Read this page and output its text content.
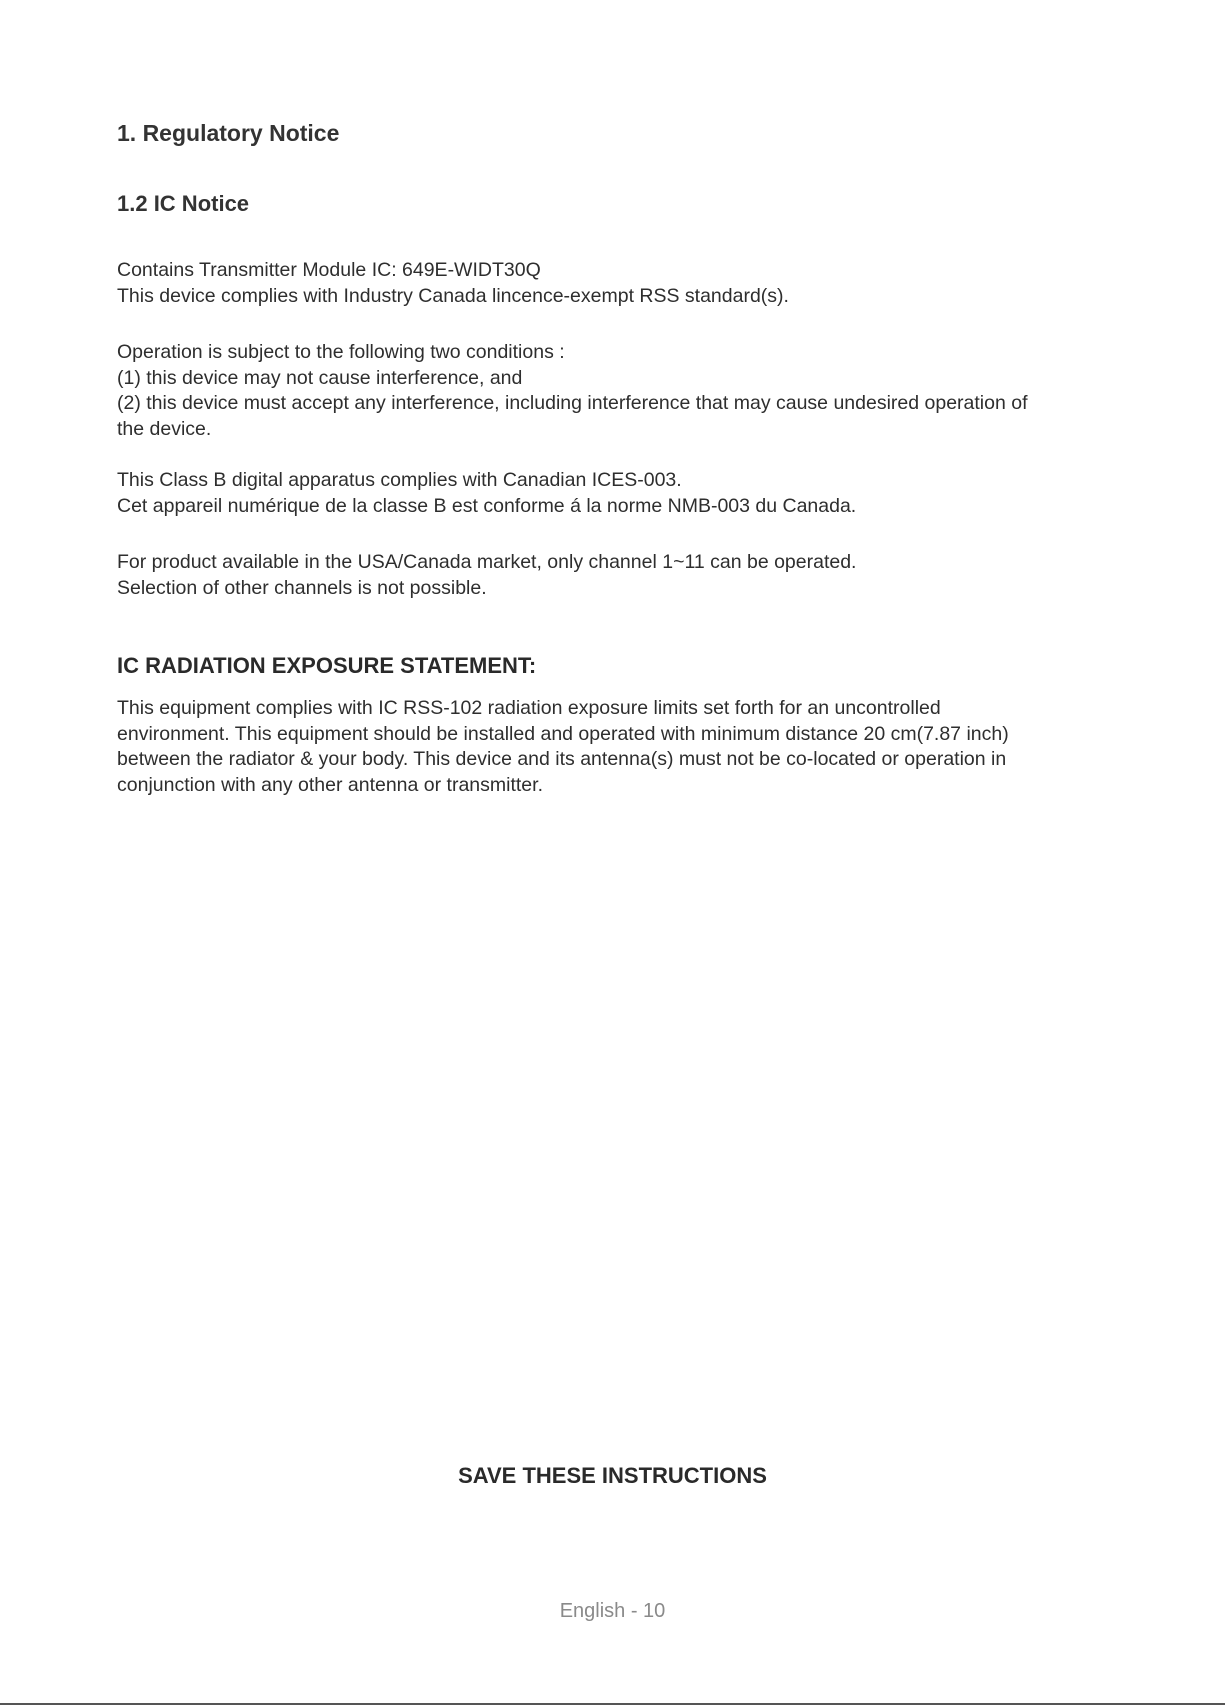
1. Regulatory Notice
1.2 IC Notice
Contains Transmitter Module IC: 649E-WIDT30Q
This device complies with Industry Canada lincence-exempt RSS standard(s).
Operation is subject to the following two conditions :
(1) this device may not cause interference, and
(2) this device must accept any interference, including interference that may cause undesired operation of
the device.
This Class B digital apparatus complies with Canadian ICES-003.
Cet appareil numérique de la classe B est conforme á la norme NMB-003 du Canada.
For product available in the USA/Canada market, only channel 1~11 can be operated.
Selection of other channels is not possible.
IC RADIATION EXPOSURE STATEMENT:
This equipment complies with IC RSS-102 radiation exposure limits set forth for an uncontrolled
environment. This equipment should be installed and operated with minimum distance 20 cm(7.87 inch)
between the radiator & your body. This device and its antenna(s) must not be co-located or operation in
conjunction with any other antenna or transmitter.
SAVE THESE INSTRUCTIONS
English - 10
